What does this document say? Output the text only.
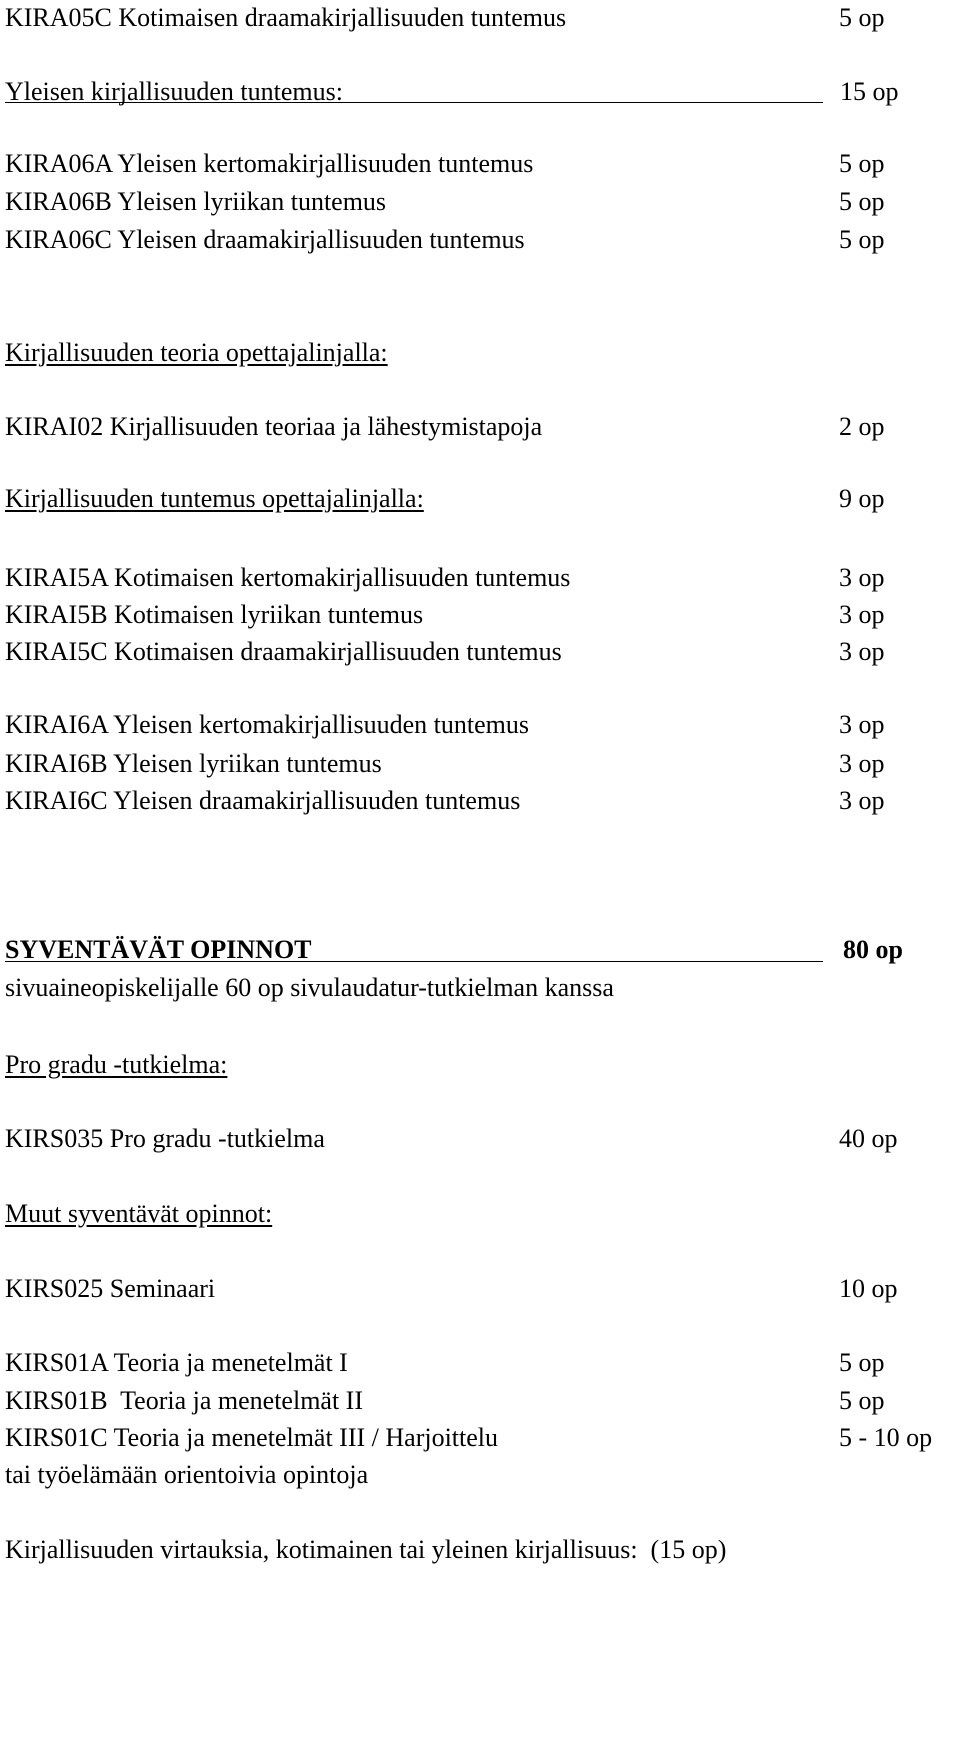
KIRA05C Kotimaisen draamakirjallisuuden tuntemus	5 op
Yleisen kirjallisuuden tuntemus:	15 op
KIRA06A Yleisen kertomakirjallisuuden tuntemus	5 op
KIRA06B Yleisen lyriikan tuntemus	5 op
KIRA06C Yleisen draamakirjallisuuden tuntemus	5 op
Kirjallisuuden teoria opettajalinjalla:
KIRAI02 Kirjallisuuden teoriaa ja lähestymistapoja	2 op
Kirjallisuuden tuntemus opettajalinjalla:	9 op
KIRAI5A Kotimaisen kertomakirjallisuuden tuntemus	3 op
KIRAI5B Kotimaisen lyriikan tuntemus	3 op
KIRAI5C Kotimaisen draamakirjallisuuden tuntemus	3 op
KIRAI6A Yleisen kertomakirjallisuuden tuntemus	3 op
KIRAI6B Yleisen lyriikan tuntemus	3 op
KIRAI6C Yleisen draamakirjallisuuden tuntemus	3 op
SYVENTÄVÄT OPINNOT	80 op
sivuaineopiskelijalle 60 op sivulaudatur-tutkielman kanssa
Pro gradu -tutkielma:
KIRS035 Pro gradu -tutkielma	40 op
Muut syventävät opinnot:
KIRS025 Seminaari	10 op
KIRS01A Teoria ja menetelmät I	5 op
KIRS01B  Teoria ja menetelmät II	5 op
KIRS01C Teoria ja menetelmät III / Harjoittelu	5 - 10 op
tai työelämään orientoivia opintoja
Kirjallisuuden virtauksia, kotimainen tai yleinen kirjallisuus:  (15 op)
